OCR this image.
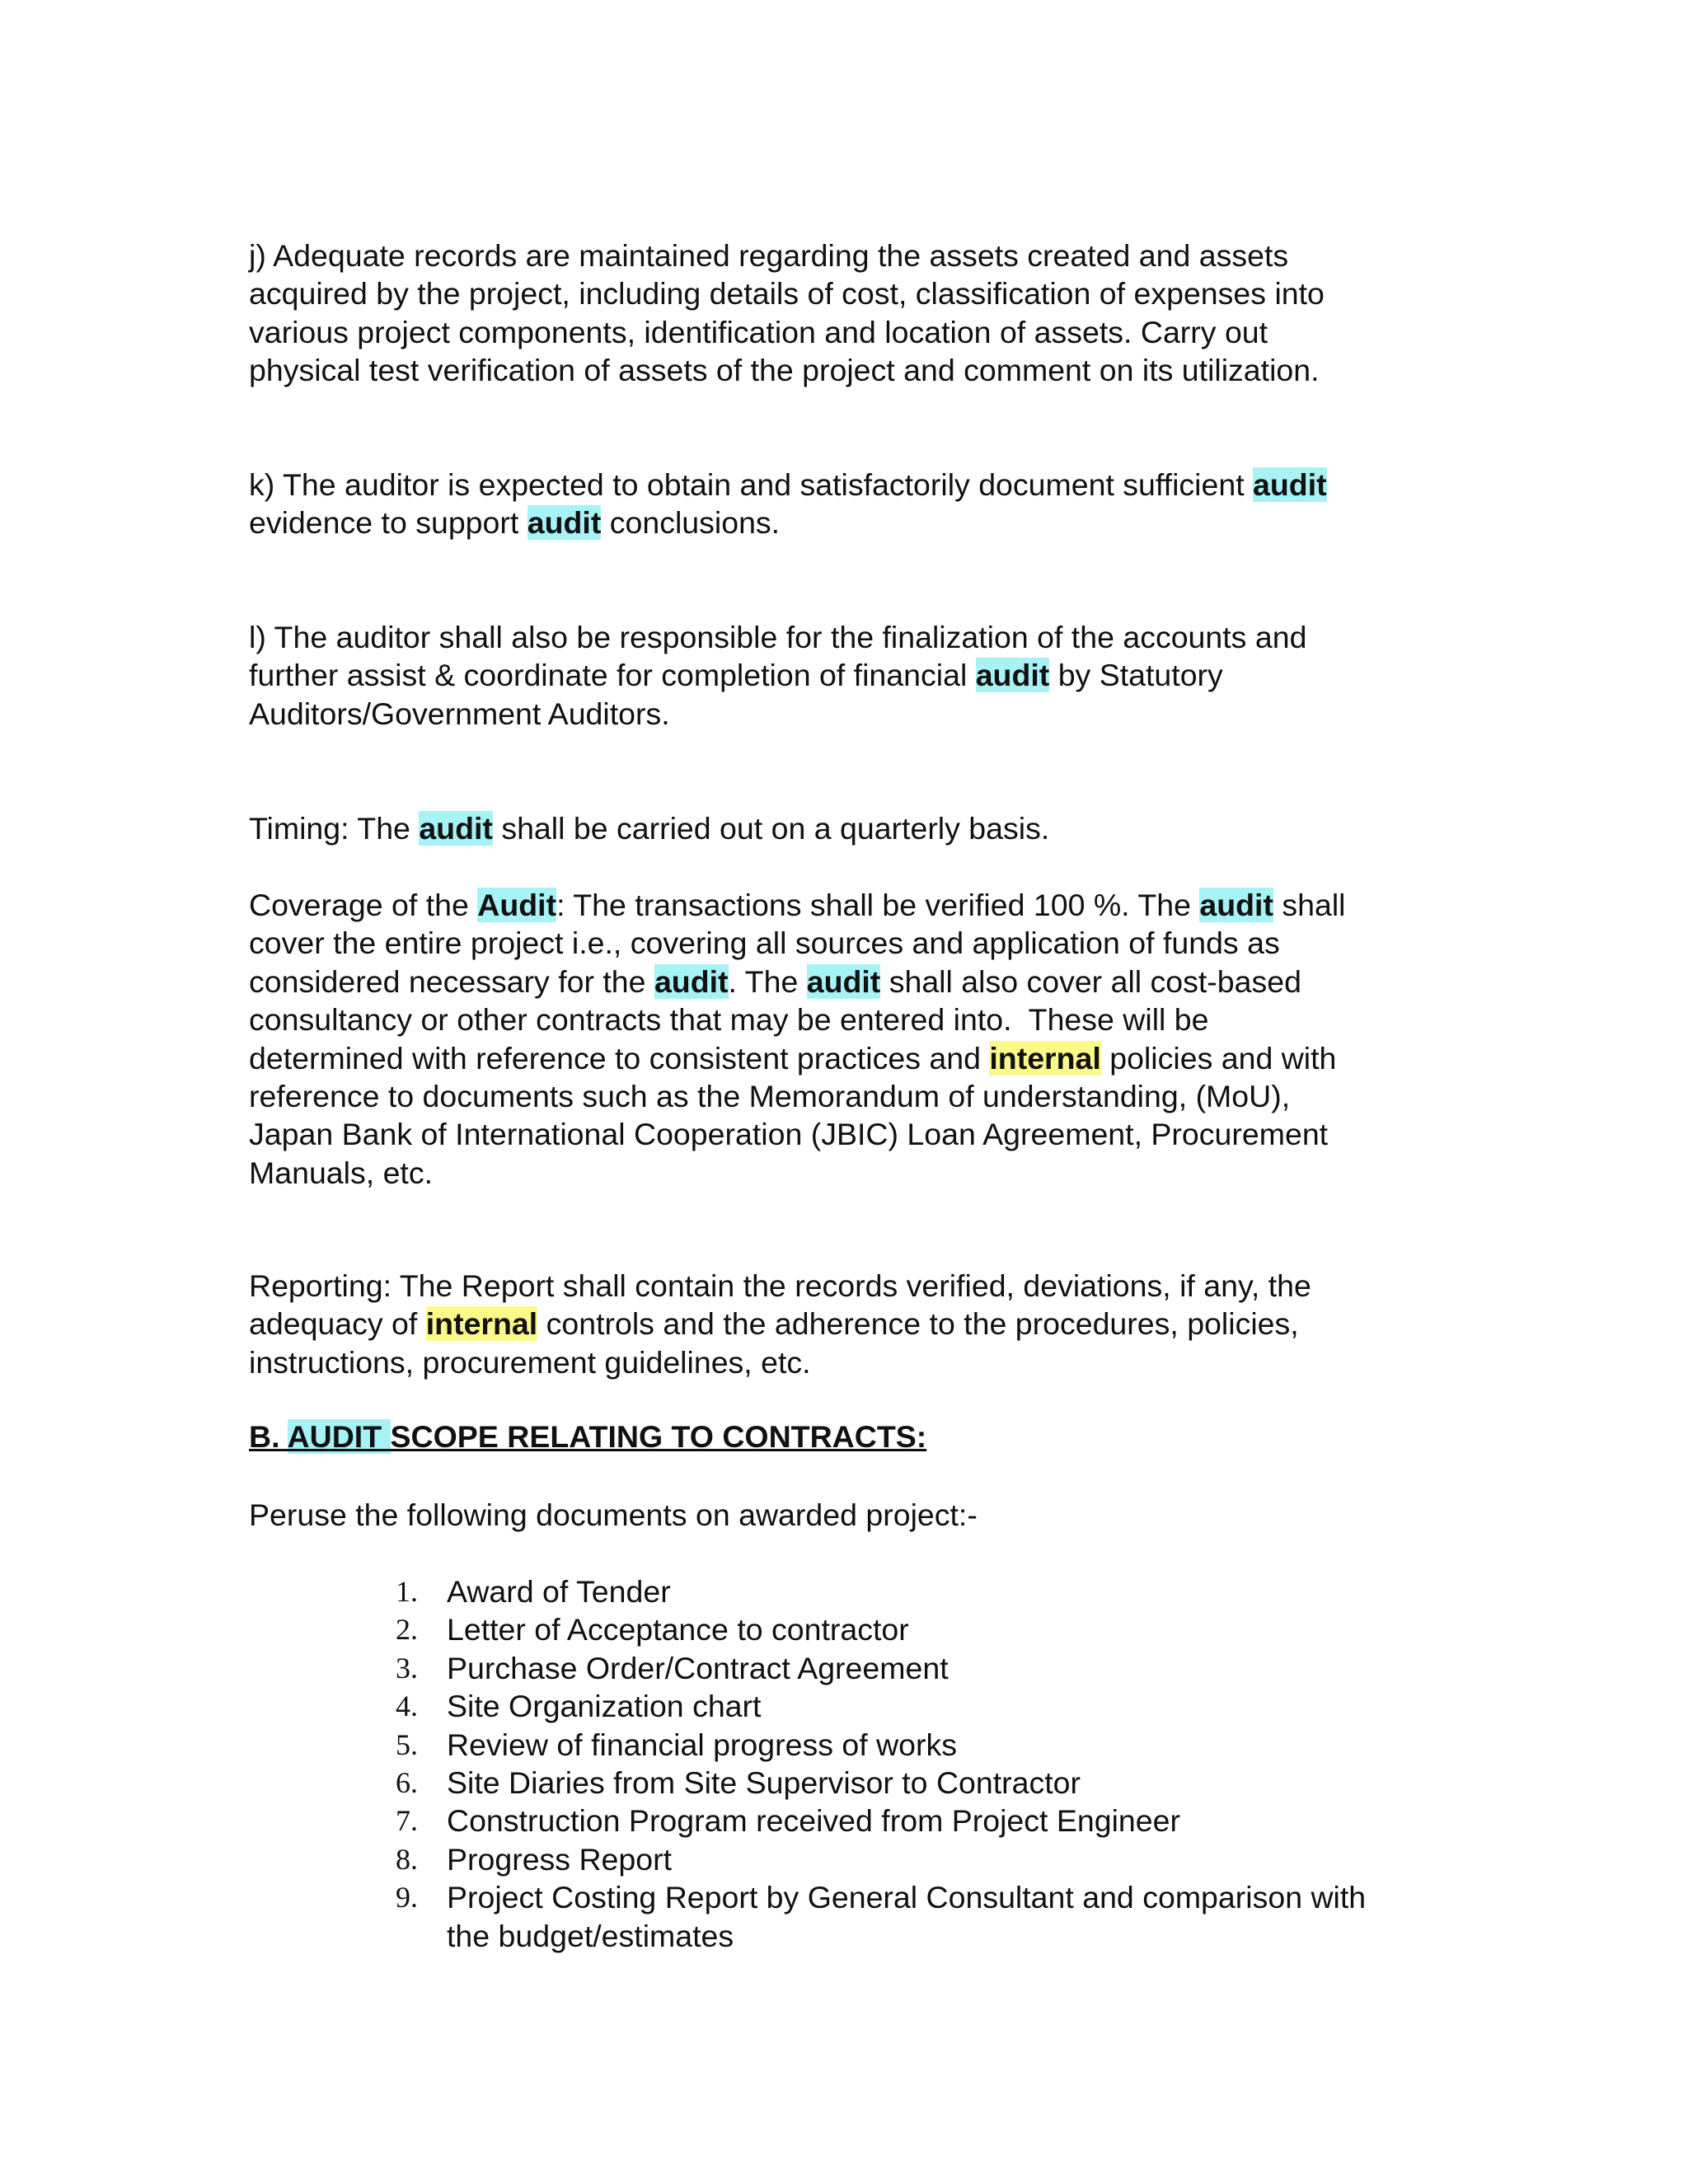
j) Adequate records are maintained regarding the assets created and assets
acquired by the project, including details of cost, classification of expenses into
various project components, identification and location of assets. Carry out
physical test verification of assets of the project and comment on its utilization.

k) The auditor is expected to obtain and satisfactorily document sufficient audit
evidence to support audit conclusions.

l) The auditor shall also be responsible for the finalization of the accounts and
further assist & coordinate for completion of financial audit by Statutory
Auditors/Government Auditors.

Timing: The audit shall be carried out on a quarterly basis.

Coverage of the Audit: The transactions shall be verified 100 %. The audit shall
cover the entire project i.e., covering all sources and application of funds as
considered necessary for the audit. The audit shall also cover all cost-based
consultancy or other contracts that may be entered into.  These will be
determined with reference to consistent practices and internal policies and with
reference to documents such as the Memorandum of understanding, (MoU),
Japan Bank of International Cooperation (JBIC) Loan Agreement, Procurement
Manuals, etc.

Reporting: The Report shall contain the records verified, deviations, if any, the
adequacy of internal controls and the adherence to the procedures, policies,
instructions, procurement guidelines, etc.

B. AUDIT SCOPE RELATING TO CONTRACTS:

Peruse the following documents on awarded project:-

1. Award of Tender
2. Letter of Acceptance to contractor
3. Purchase Order/Contract Agreement
4. Site Organization chart
5. Review of financial progress of works
6. Site Diaries from Site Supervisor to Contractor
7. Construction Program received from Project Engineer
8. Progress Report
9. Project Costing Report by General Consultant and comparison with
the budget/estimates
